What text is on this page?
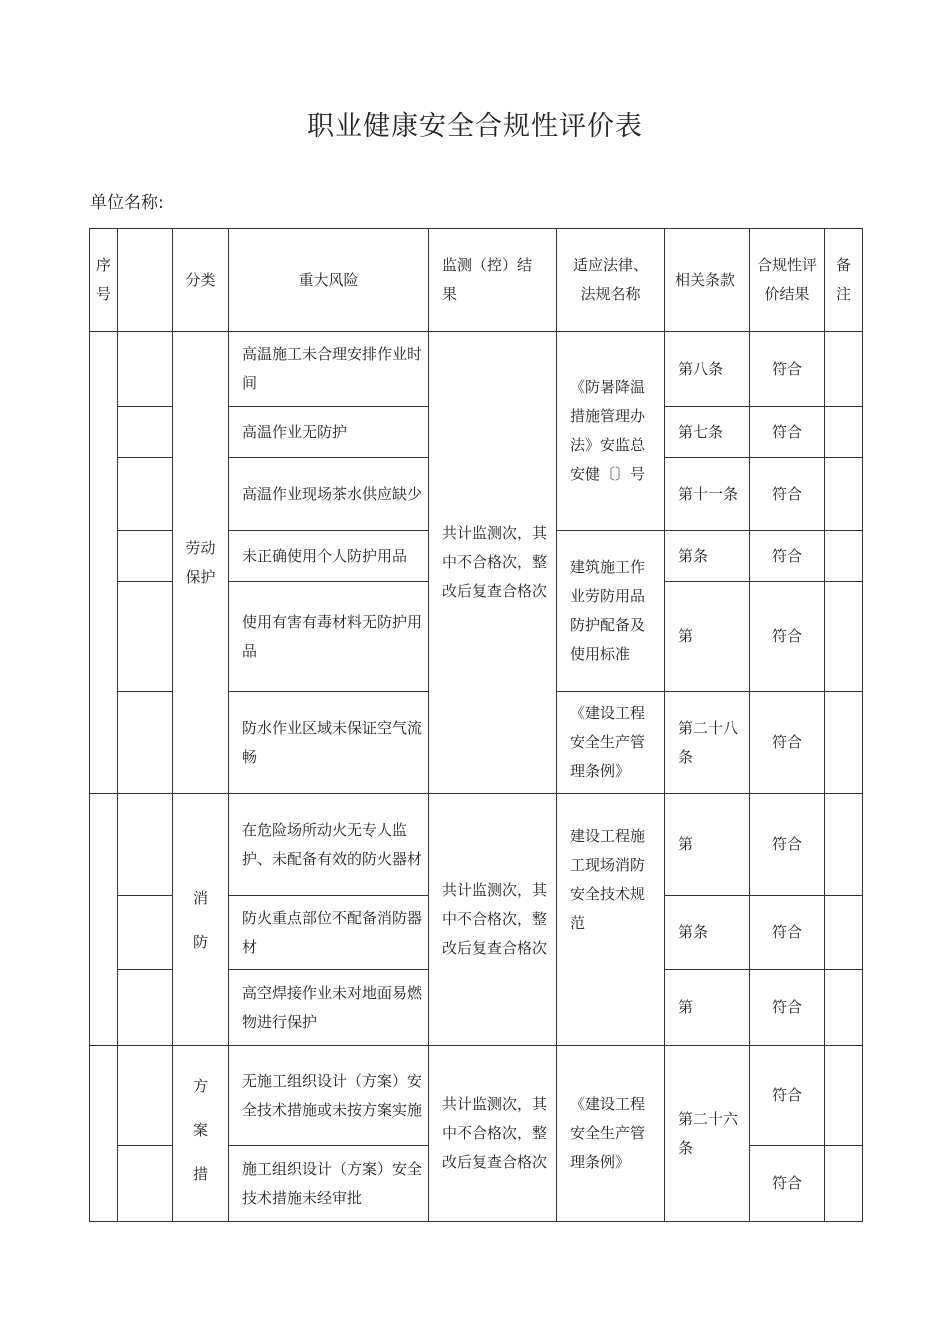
职业健康安全合规性评价表
单位名称:
序号		分类	重大风险	监测（控）结果	适应法律、法规名称	相关条款	合规性评价结果	备注
		劳动保护	高温施工未合理安排作业时间	共计监测次，其中不合格次，整改后复查合格次	《防暑降温措施管理办法》安监总安健〔〕号	第八条	符合	
			高温作业无防护			第七条	符合	
			高温作业现场茶水供应缺少			第十一条	符合	
			未正确使用个人防护用品		建筑施工作业劳防用品防护配备及使用标准	第条	符合	
			使用有害有毒材料无防护用品			第	符合	
			防水作业区域未保证空气流畅		《建设工程安全生产管理条例》	第二十八条	符合	
		消防	在危险场所动火无专人监护、未配备有效的防火器材	共计监测次，其中不合格次，整改后复查合格次	建设工程施工现场消防安全技术规范	第	符合	
			防火重点部位不配备消防器材			第条	符合	
			高空焊接作业未对地面易燃物进行保护			第	符合	
		方案措	无施工组织设计（方案）安全技术措施或未按方案实施	共计监测次，其中不合格次，整改后复查合格次	《建设工程安全生产管理条例》	第二十六条	符合	
			施工组织设计（方案）安全技术措施未经审批				符合	
